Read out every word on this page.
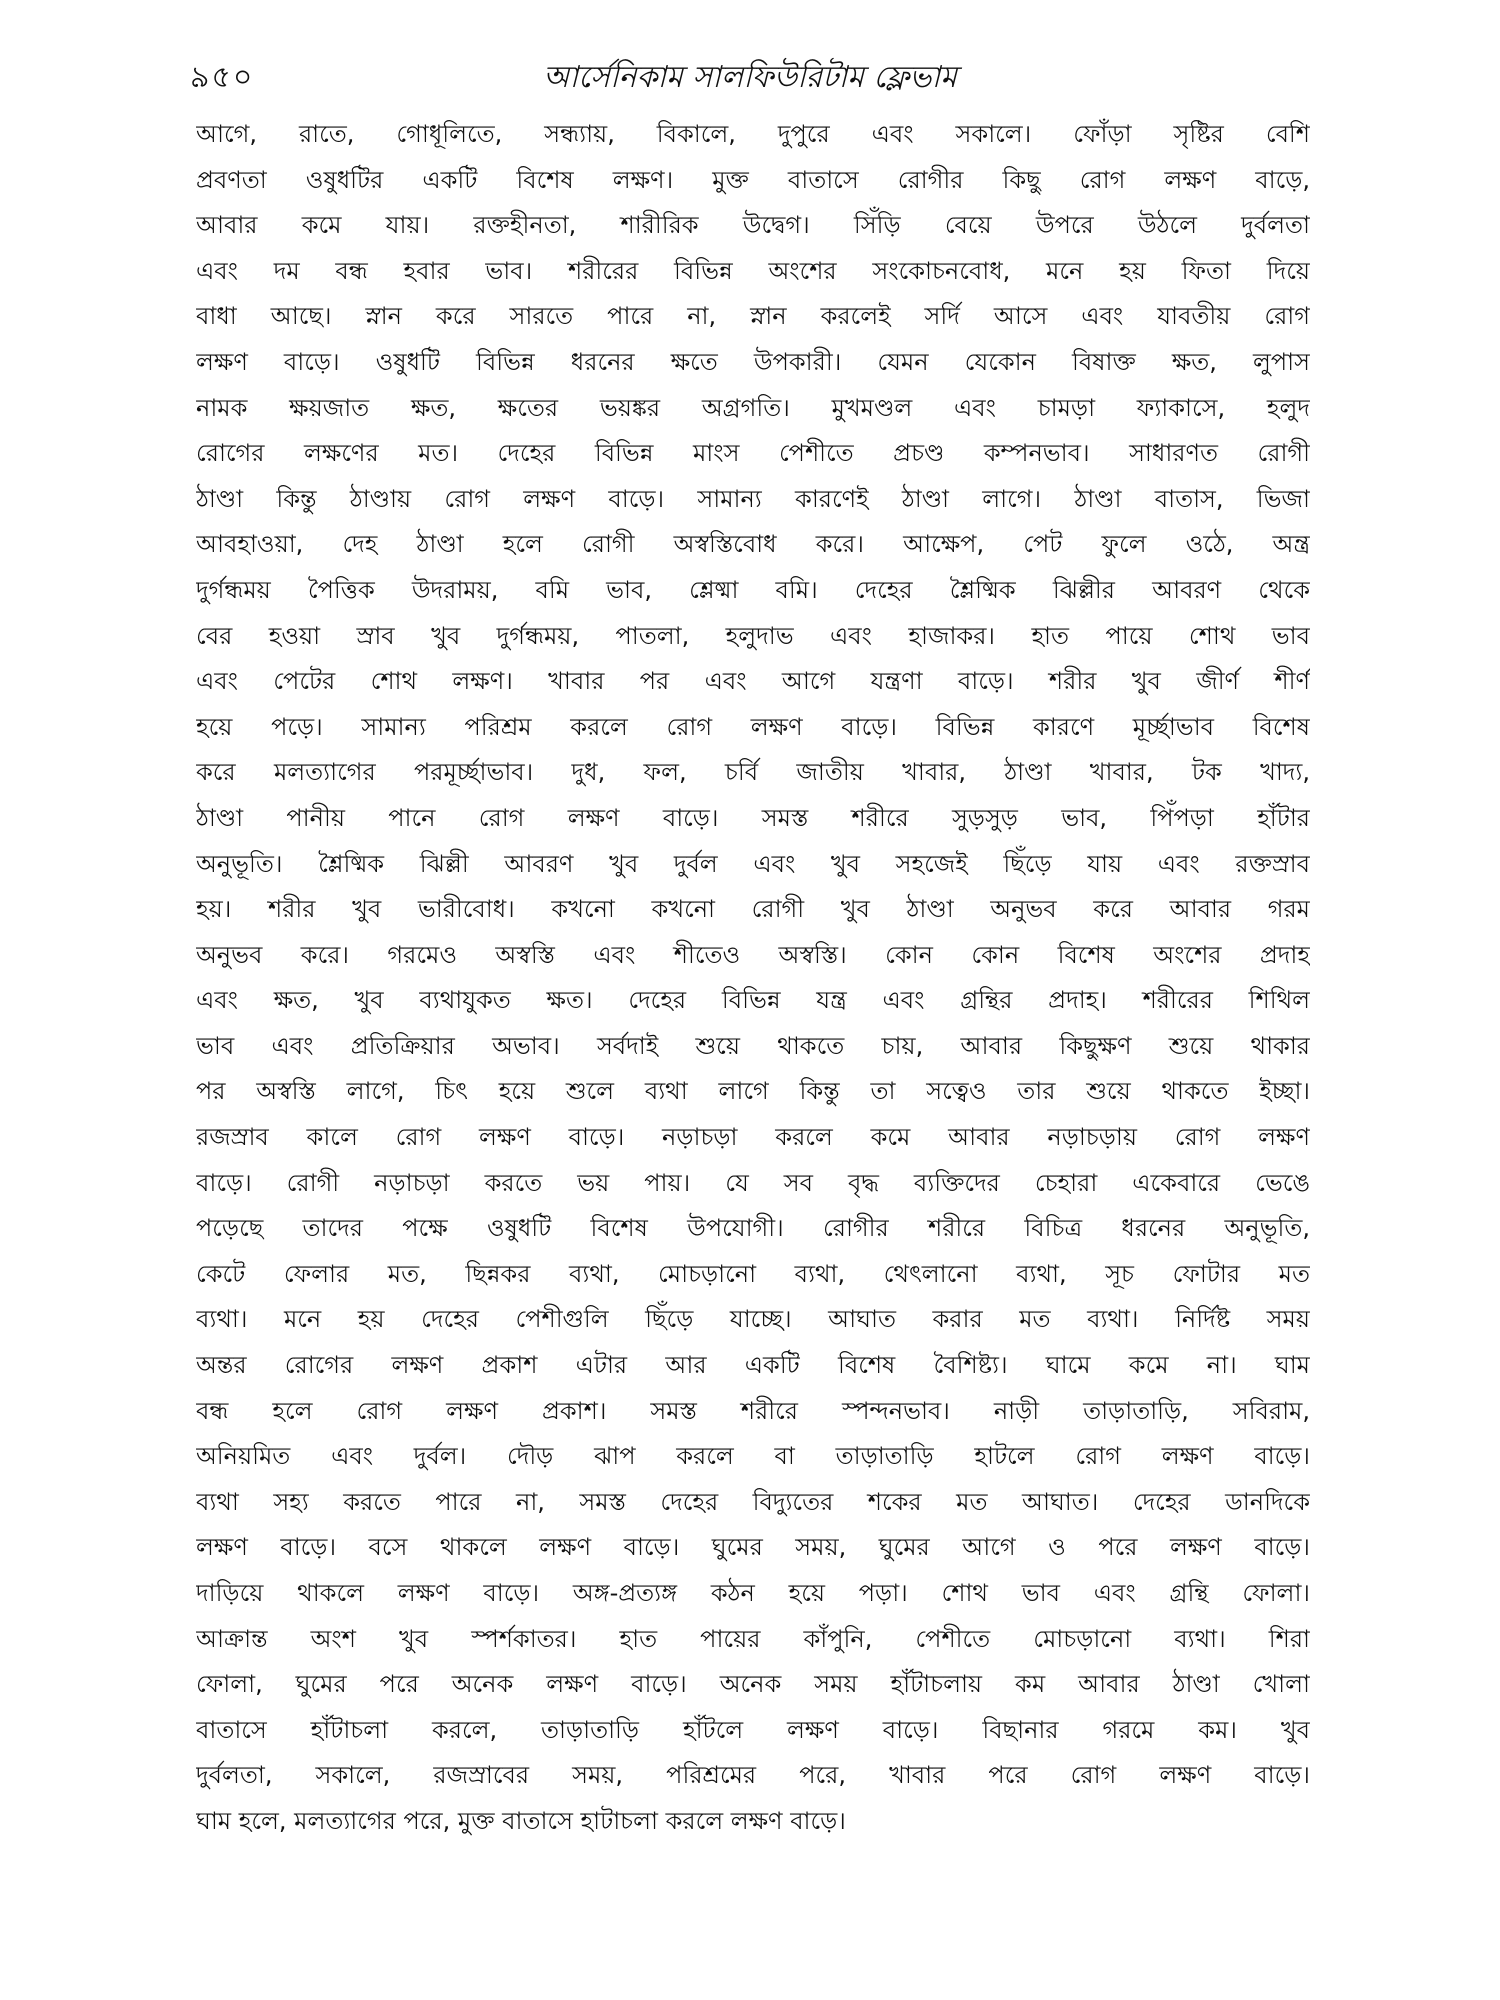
৯৫০	আর্সেনিকাম সালফিউরিটাম ফ্লেভাম
আগে, রাতে, গোধূলিতে, সন্ধ্যায়, বিকালে, দুপুরে এবং সকালে। ফোঁড়া সৃষ্টির বেশি
প্রবণতা ওষুধটির একটি বিশেষ লক্ষণ। মুক্ত বাতাসে রোগীর কিছু রোগ লক্ষণ বাড়ে,
আবার কমে যায়। রক্তহীনতা, শারীরিক উদ্বেগ। সিঁড়ি বেয়ে উপরে উঠলে দুর্বলতা
এবং দম বন্ধ হবার ভাব। শরীরের বিভিন্ন অংশের সংকোচনবোধ, মনে হয় ফিতা দিয়ে
বাধা আছে। স্নান করে সারতে পারে না, স্নান করলেই সর্দি আসে এবং যাবতীয় রোগ
লক্ষণ বাড়ে। ওষুধটি বিভিন্ন ধরনের ক্ষতে উপকারী। যেমন যেকোন বিষাক্ত ক্ষত, লুপাস
নামক ক্ষয়জাত ক্ষত, ক্ষতের ভয়ঙ্কর অগ্রগতি। মুখমণ্ডল এবং চামড়া ফ্যাকাসে, হলুদ
রোগের লক্ষণের মত। দেহের বিভিন্ন মাংস পেশীতে প্রচণ্ড কম্পনভাব। সাধারণত রোগী
ঠাণ্ডা কিন্তু ঠাণ্ডায় রোগ লক্ষণ বাড়ে। সামান্য কারণেই ঠাণ্ডা লাগে। ঠাণ্ডা বাতাস, ভিজা
আবহাওয়া, দেহ ঠাণ্ডা হলে রোগী অস্বস্তিবোধ করে। আক্ষেপ, পেট ফুলে ওঠে, অন্ত্র
দুর্গন্ধময় পৈত্তিক উদরাময়, বমি ভাব, শ্লেষ্মা বমি। দেহের শ্লৈষ্মিক ঝিল্লীর আবরণ থেকে
বের হওয়া স্রাব খুব দুর্গন্ধময়, পাতলা, হলুদাভ এবং হাজাকর। হাত পায়ে শোথ ভাব
এবং পেটের শোথ লক্ষণ। খাবার পর এবং আগে যন্ত্রণা বাড়ে। শরীর খুব জীর্ণ শীর্ণ
হয়ে পড়ে। সামান্য পরিশ্রম করলে রোগ লক্ষণ বাড়ে। বিভিন্ন কারণে মূর্চ্ছাভাব বিশেষ
করে মলত্যাগের পরমূর্চ্ছাভাব। দুধ, ফল, চর্বি জাতীয় খাবার, ঠাণ্ডা খাবার, টক খাদ্য,
ঠাণ্ডা পানীয় পানে রোগ লক্ষণ বাড়ে। সমস্ত শরীরে সুড়সুড় ভাব, পিঁপড়া হাঁটার
অনুভূতি। শ্লৈষ্মিক ঝিল্লী আবরণ খুব দুর্বল এবং খুব সহজেই ছিঁড়ে যায় এবং রক্তস্রাব
হয়। শরীর খুব ভারীবোধ। কখনো কখনো রোগী খুব ঠাণ্ডা অনুভব করে আবার গরম
অনুভব করে। গরমেও অস্বস্তি এবং শীতেও অস্বস্তি। কোন কোন বিশেষ অংশের প্রদাহ
এবং ক্ষত, খুব ব্যথাযুকত ক্ষত। দেহের বিভিন্ন যন্ত্র এবং গ্রন্থির প্রদাহ। শরীরের শিথিল
ভাব এবং প্রতিক্রিয়ার অভাব। সর্বদাই শুয়ে থাকতে চায়, আবার কিছুক্ষণ শুয়ে থাকার
পর অস্বস্তি লাগে, চিৎ হয়ে শুলে ব্যথা লাগে কিন্তু তা সত্বেও তার শুয়ে থাকতে ইচ্ছা।
রজস্রাব কালে রোগ লক্ষণ বাড়ে। নড়াচড়া করলে কমে আবার নড়াচড়ায় রোগ লক্ষণ
বাড়ে। রোগী নড়াচড়া করতে ভয় পায়। যে সব বৃদ্ধ ব্যক্তিদের চেহারা একেবারে ভেঙে
পড়েছে তাদের পক্ষে ওষুধটি বিশেষ উপযোগী। রোগীর শরীরে বিচিত্র ধরনের অনুভূতি,
কেটে ফেলার মত, ছিন্নকর ব্যথা, মোচড়ানো ব্যথা, থেৎলানো ব্যথা, সূচ ফোটার মত
ব্যথা। মনে হয় দেহের পেশীগুলি ছিঁড়ে যাচ্ছে। আঘাত করার মত ব্যথা। নির্দিষ্ট সময়
অন্তর রোগের লক্ষণ প্রকাশ এটার আর একটি বিশেষ বৈশিষ্ট্য। ঘামে কমে না। ঘাম
বন্ধ হলে রোগ লক্ষণ প্রকাশ। সমস্ত শরীরে স্পন্দনভাব। নাড়ী তাড়াতাড়ি, সবিরাম,
অনিয়মিত এবং দুর্বল। দৌড় ঝাপ করলে বা তাড়াতাড়ি হাটলে রোগ লক্ষণ বাড়ে।
ব্যথা সহ্য করতে পারে না, সমস্ত দেহের বিদ্যুতের শকের মত আঘাত। দেহের ডানদিকে
লক্ষণ বাড়ে। বসে থাকলে লক্ষণ বাড়ে। ঘুমের সময়, ঘুমের আগে ও পরে লক্ষণ বাড়ে।
দাড়িয়ে থাকলে লক্ষণ বাড়ে। অঙ্গ-প্রত্যঙ্গ কঠন হয়ে পড়া। শোথ ভাব এবং গ্রন্থি ফোলা।
আক্রান্ত অংশ খুব স্পর্শকাতর। হাত পায়ের কাঁপুনি, পেশীতে মোচড়ানো ব্যথা। শিরা
ফোলা, ঘুমের পরে অনেক লক্ষণ বাড়ে। অনেক সময় হাঁটাচলায় কম আবার ঠাণ্ডা খোলা
বাতাসে হাঁটাচলা করলে, তাড়াতাড়ি হাঁটলে লক্ষণ বাড়ে। বিছানার গরমে কম। খুব
দুর্বলতা, সকালে, রজস্রাবের সময়, পরিশ্রমের পরে, খাবার পরে রোগ লক্ষণ বাড়ে।
ঘাম হলে, মলত্যাগের পরে, মুক্ত বাতাসে হাটাচলা করলে লক্ষণ বাড়ে।
